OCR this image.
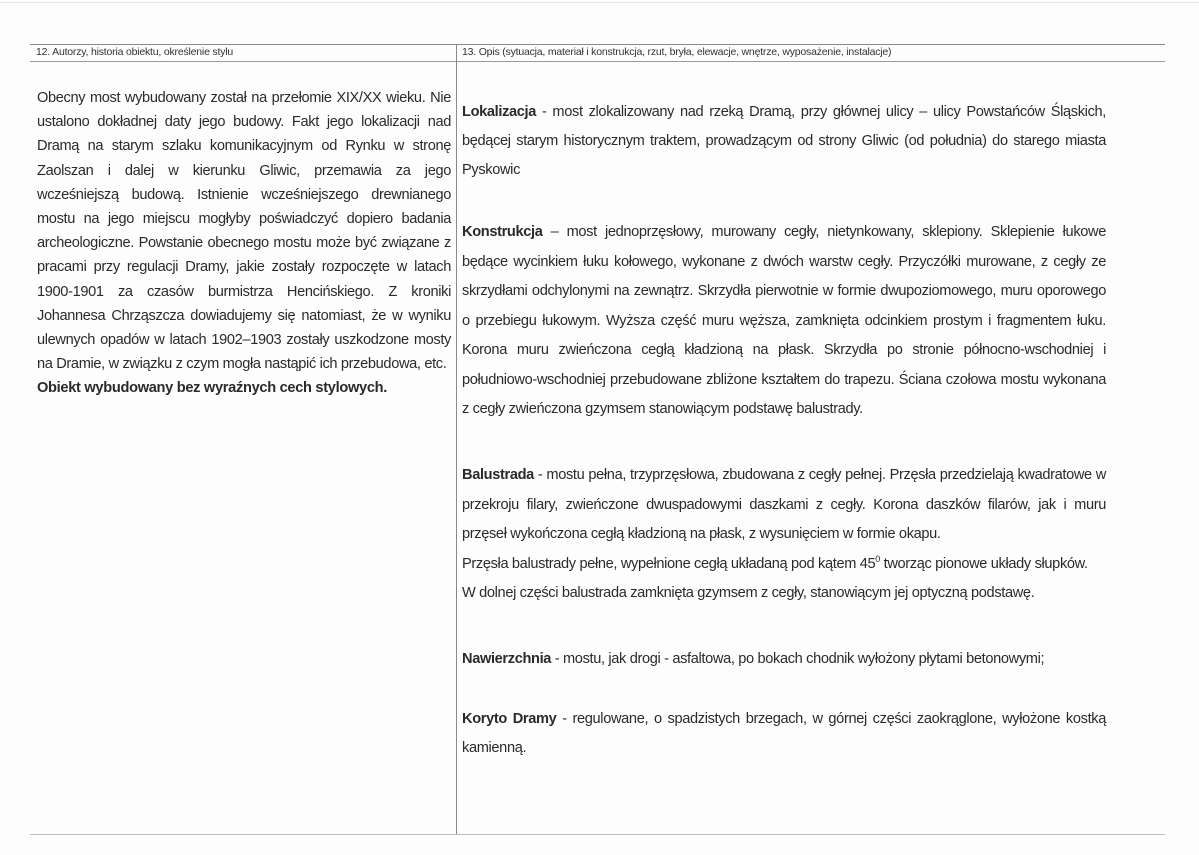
12. Autorzy, historia obiektu, określenie stylu	13. Opis (sytuacja, materiał i konstrukcja, rzut, bryła, elewacje, wnętrze, wyposażenie, instalacje)

Obecny most wybudowany został na przełomie XIX/XX wieku. Nie ustalono dokładnej daty jego budowy. Fakt jego lokalizacji nad Dramą na starym szlaku komunikacyjnym od Rynku w stronę Zaolszan i dalej w kierunku Gliwic, przemawia za jego wcześniejszą budową. Istnienie wcześniejszego drewnianego mostu na jego miejscu mogłyby poświadczyć dopiero badania archeologiczne. Powstanie obecnego mostu może być związane z pracami przy regulacji Dramy, jakie zostały rozpoczęte w latach 1900-1901 za czasów burmistrza Hencińskiego. Z kroniki Johannesa Chrząszcza dowiadujemy się natomiast, że w wyniku ulewnych opadów w latach 1902–1903 zostały uszkodzone mosty na Dramie, w związku z czym mogła nastąpić ich przebudowa, etc.

Obiekt wybudowany bez wyraźnych cech stylowych.

Lokalizacja - most zlokalizowany nad rzeką Dramą, przy głównej ulicy – ulicy Powstańców Śląskich, będącej starym historycznym traktem, prowadzącym od strony Gliwic (od południa) do starego miasta Pyskowic

Konstrukcja – most jednoprzęsłowy, murowany cegły, nietynkowany, sklepiony. Sklepienie łukowe będące wycinkiem łuku kołowego, wykonane z dwóch warstw cegły. Przyczółki murowane, z cegły ze skrzydłami odchylonymi na zewnątrz. Skrzydła pierwotnie w formie dwupoziomowego, muru oporowego o przebiegu łukowym. Wyższa część muru węższa, zamknięta odcinkiem prostym i fragmentem łuku. Korona muru zwieńczona cegłą kładzioną na płask. Skrzydła po stronie północno-wschodniej i południowo-wschodniej przebudowane zbliżone kształtem do trapezu. Ściana czołowa mostu wykonana z cegły zwieńczona gzymsem stanowiącym podstawę balustrady.

Balustrada - mostu pełna, trzyprzęsłowa, zbudowana z cegły pełnej. Przęsła przedzielają kwadratowe w przekroju filary, zwieńczone dwuspadowymi daszkami z cegły. Korona daszków filarów, jak i muru przęseł wykończona cegłą kładzioną na płask, z wysunięciem w formie okapu.

Przęsła balustrady pełne, wypełnione cegłą układaną pod kątem $45^0$ tworząc pionowe układy słupków.

W dolnej części balustrada zamknięta gzymsem z cegły, stanowiącym jej optyczną podstawę.

Nawierzchnia - mostu, jak drogi - asfaltowa, po bokach chodnik wyłożony płytami betonowymi;

Koryto Dramy - regulowane, o spadzistych brzegach, w górnej części zaokrąglone, wyłożone kostką kamienną.
